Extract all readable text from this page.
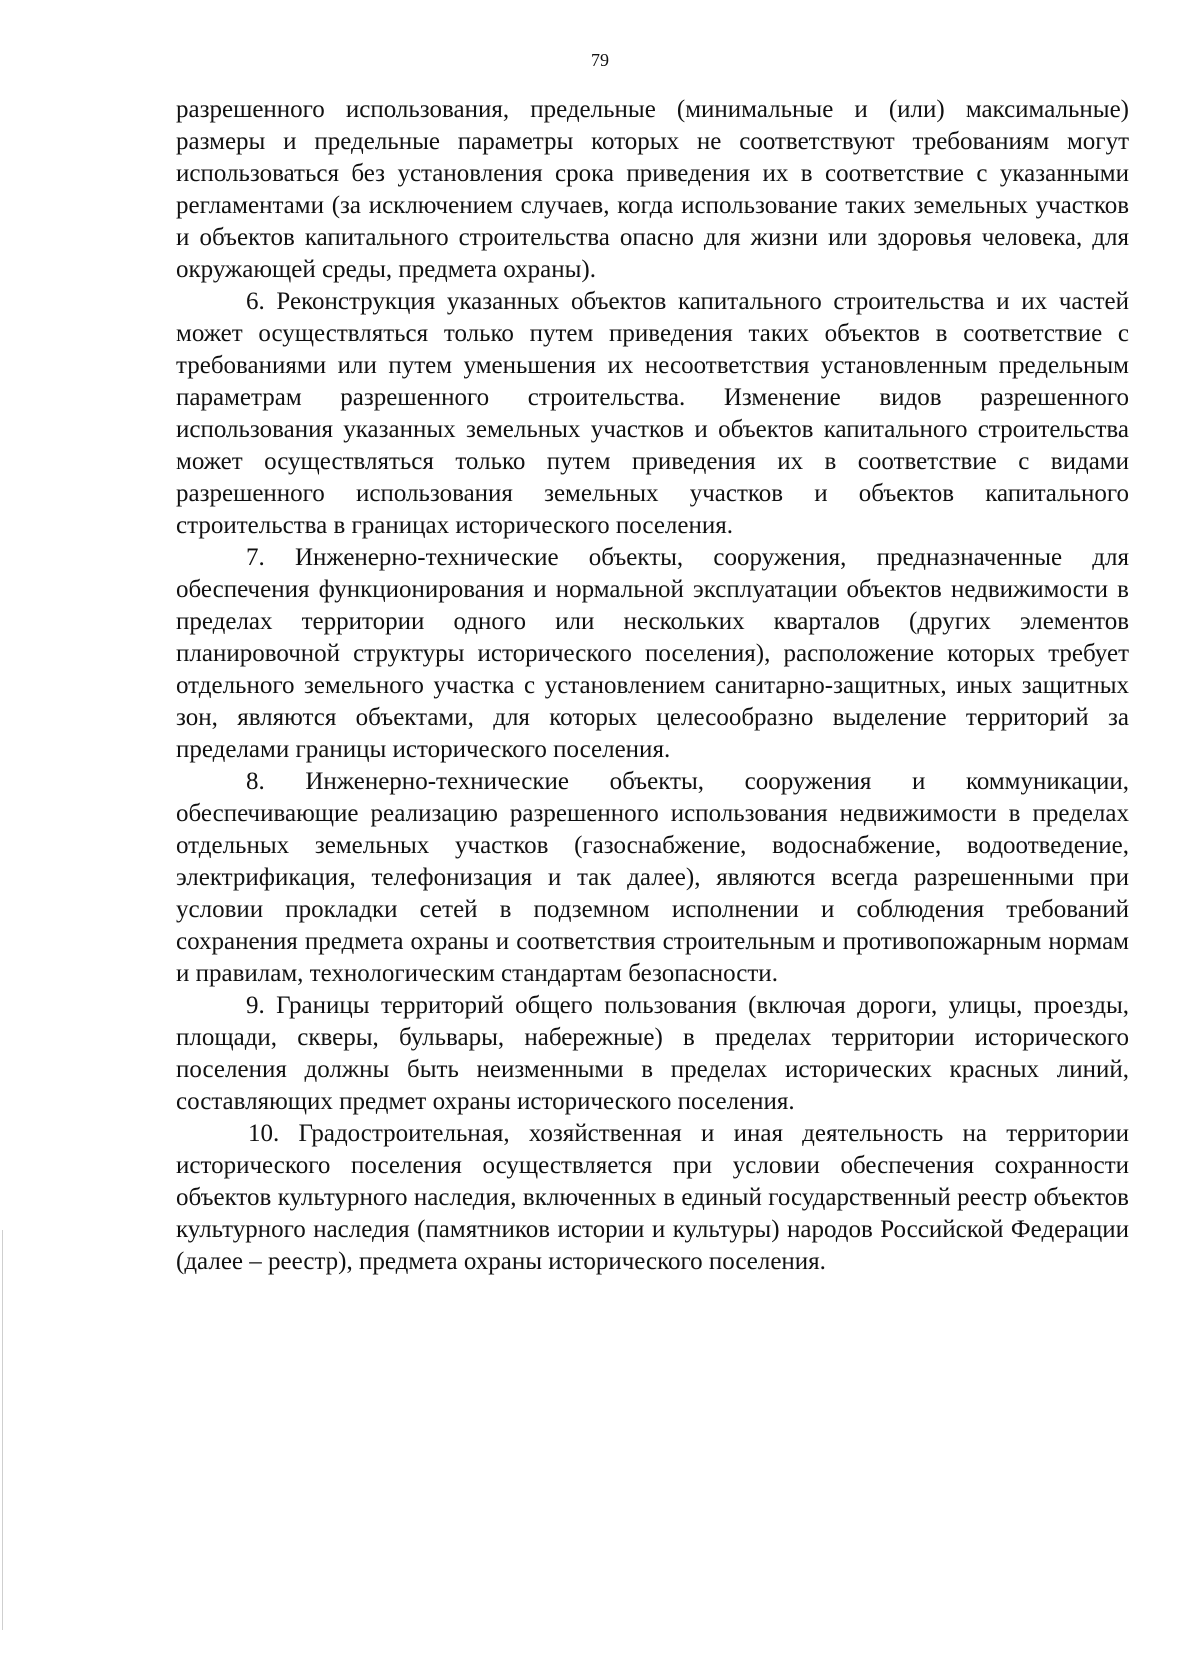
79

разрешенного использования, предельные (минимальные и (или) максимальные) размеры и предельные параметры которых не соответствуют требованиям могут использоваться без установления срока приведения их в соответствие с указанными регламентами (за исключением случаев, когда использование таких земельных участков и объектов капитального строительства опасно для жизни или здоровья человека, для окружающей среды, предмета охраны).

6. Реконструкция указанных объектов капитального строительства и их частей может осуществляться только путем приведения таких объектов в соответствие с требованиями или путем уменьшения их несоответствия установленным предельным параметрам разрешенного строительства. Изменение видов разрешенного использования указанных земельных участков и объектов капитального строительства может осуществляться только путем приведения их в соответствие с видами разрешенного использования земельных участков и объектов капитального строительства в границах исторического поселения.

7. Инженерно-технические объекты, сооружения, предназначенные для обеспечения функционирования и нормальной эксплуатации объектов недвижимости в пределах территории одного или нескольких кварталов (других элементов планировочной структуры исторического поселения), расположение которых требует отдельного земельного участка с установлением санитарно-защитных, иных защитных зон, являются объектами, для которых целесообразно выделение территорий за пределами границы исторического поселения.

8. Инженерно-технические объекты, сооружения и коммуникации, обеспечивающие реализацию разрешенного использования недвижимости в пределах отдельных земельных участков (газоснабжение, водоснабжение, водоотведение, электрификация, телефонизация и так далее), являются всегда разрешенными при условии прокладки сетей в подземном исполнении и соблюдения требований сохранения предмета охраны и соответствия строительным и противопожарным нормам и правилам, технологическим стандартам безопасности.

9. Границы территорий общего пользования (включая дороги, улицы, проезды, площади, скверы, бульвары, набережные) в пределах территории исторического поселения должны быть неизменными в пределах исторических красных линий, составляющих предмет охраны исторического поселения.

10. Градостроительная, хозяйственная и иная деятельность на территории исторического поселения осуществляется при условии обеспечения сохранности объектов культурного наследия, включенных в единый государственный реестр объектов культурного наследия (памятников истории и культуры) народов Российской Федерации (далее – реестр), предмета охраны исторического поселения.
